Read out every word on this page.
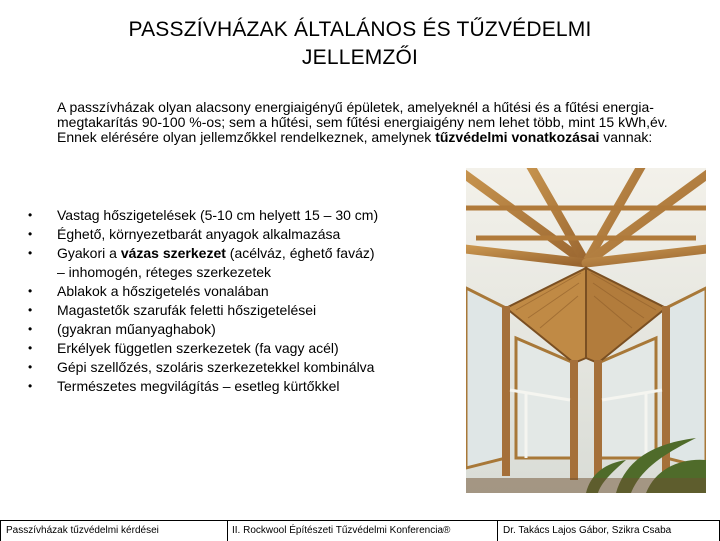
PASSZÍVHÁZAK ÁLTALÁNOS ÉS TŰZVÉDELMI
JELLEMZŐI

A passzívházak olyan alacsony energiaigényű épületek, amelyeknél a hűtési és a fűtési energia-megtakarítás 90-100 %-os; sem a hűtési, sem fűtési energiaigény nem lehet több, mint 15 kWh,év. Ennek elérésére olyan jellemzőkkel rendelkeznek, amelynek tűzvédelmi vonatkozásai vannak:

•	Vastag hőszigetelések (5-10 cm helyett 15 – 30 cm)
•	Éghető, környezetbarát anyagok alkalmazása
•	Gyakori a vázas szerkezet (acélváz, éghető faváz)
– inhomogén, réteges szerkezetek
•	Ablakok a hőszigetelés vonalában
•	Magastetők szarufák feletti hőszigetelései
•	(gyakran műanyaghabok)
•	Erkélyek független szerkezetek (fa vagy acél)
•	Gépi szellőzés, szoláris szerkezetekkel kombinálva
•	Természetes megvilágítás – esetleg kürtőkkel
Passzívházak tűzvédelmi kérdései	II. Rockwool Építészeti Tűzvédelmi Konferencia®	Dr. Takács Lajos Gábor, Szikra Csaba
